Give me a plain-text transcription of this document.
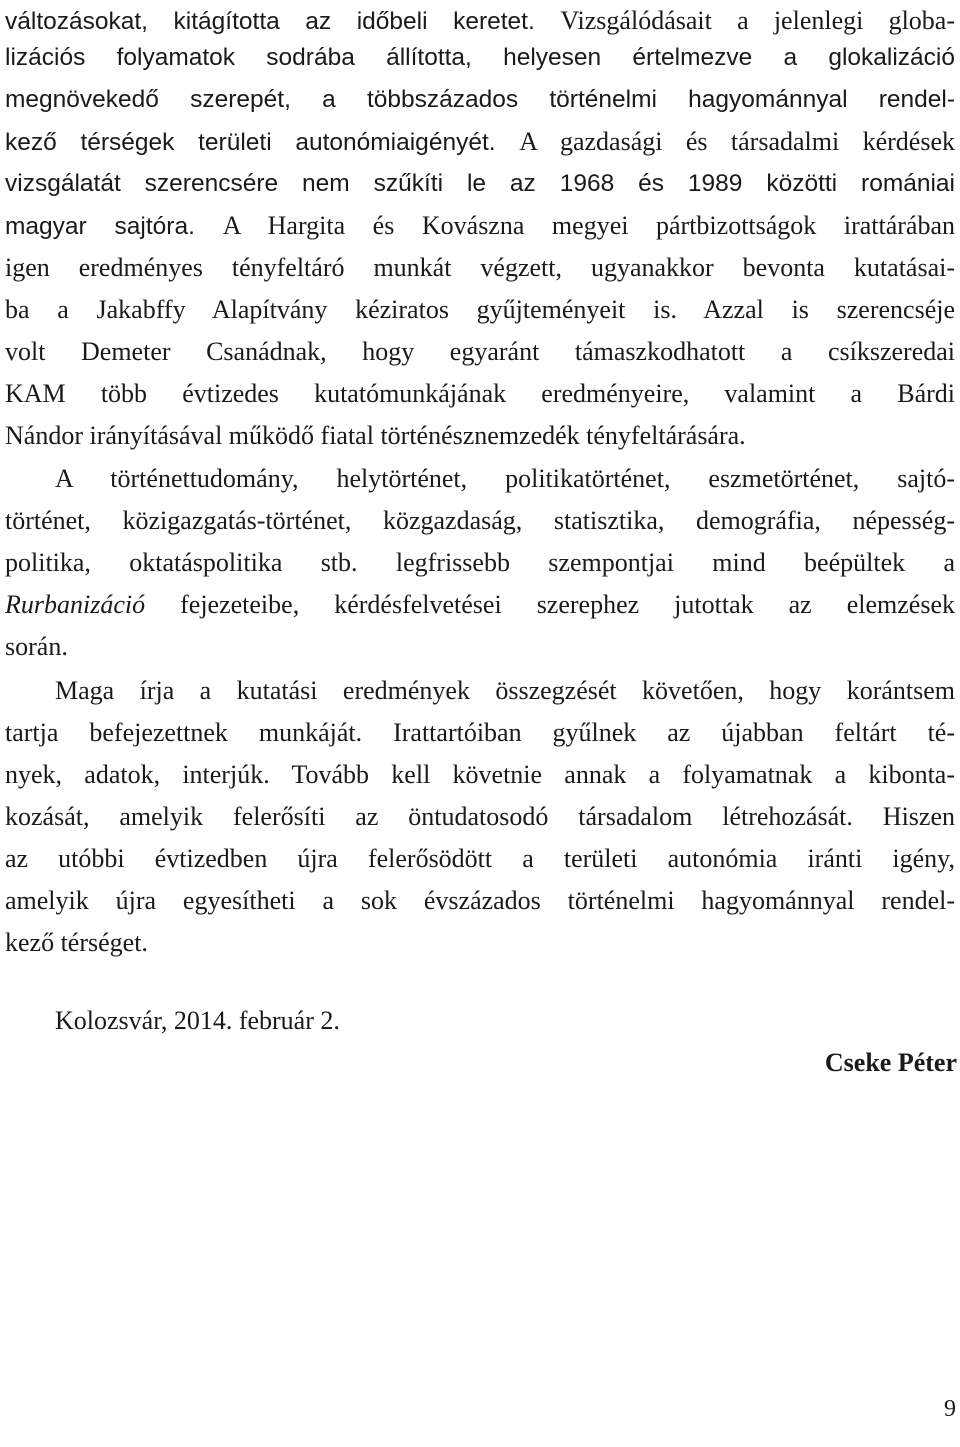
változásokat, kitágította az időbeli keretet. Vizsgálódásait a jelenlegi globa-
lizációs folyamatok sodrába állította, helyesen értelmezve a glokalizáció
megnövekedő szerepét, a többszázados történelmi hagyománnyal rendel-
kező térségek területi autonómiaigényét. A gazdasági és társadalmi kérdések
vizsgálatát szerencsére nem szűkíti le az 1968 és 1989 közötti romániai
magyar sajtóra. A Hargita és Kovászna megyei pártbizottságok irattárában
igen eredményes tényfeltáró munkát végzett, ugyanakkor bevonta kutatásai-
ba a Jakabffy Alapítvány kéziratos gyűjteményeit is. Azzal is szerencséje
volt Demeter Csanádnak, hogy egyaránt támaszkodhatott a csíkszeredai
KAM több évtizedes kutatómunkájának eredményeire, valamint a Bárdi
Nándor irányításával működő fiatal történésznemzedék tényfeltárására.
A történettudomány, helytörténet, politikatörténet, eszmetörténet, sajtó-
történet, közigazgatás-történet, közgazdaság, statisztika, demográfia, népesség-
politika, oktatáspolitika stb. legfrissebb szempontjai mind beépültek a
Rurbanizáció fejezeteibe, kérdésfelvetései szerephez jutottak az elemzések
során.
Maga írja a kutatási eredmények összegzését követően, hogy korántsem
tartja befejezettnek munkáját. Irattartóiban gyűlnek az újabban feltárt té-
nyek, adatok, interjúk. Tovább kell követnie annak a folyamatnak a kibonta-
kozását, amelyik felerősíti az öntudatosodó társadalom létrehozását. Hiszen
az utóbbi évtizedben újra felerősödött a területi autonómia iránti igény,
amelyik újra egyesítheti a sok évszázados történelmi hagyománnyal rendel-
kező térséget.
Kolozsvár, 2014. február 2.
Cseke Péter
9
